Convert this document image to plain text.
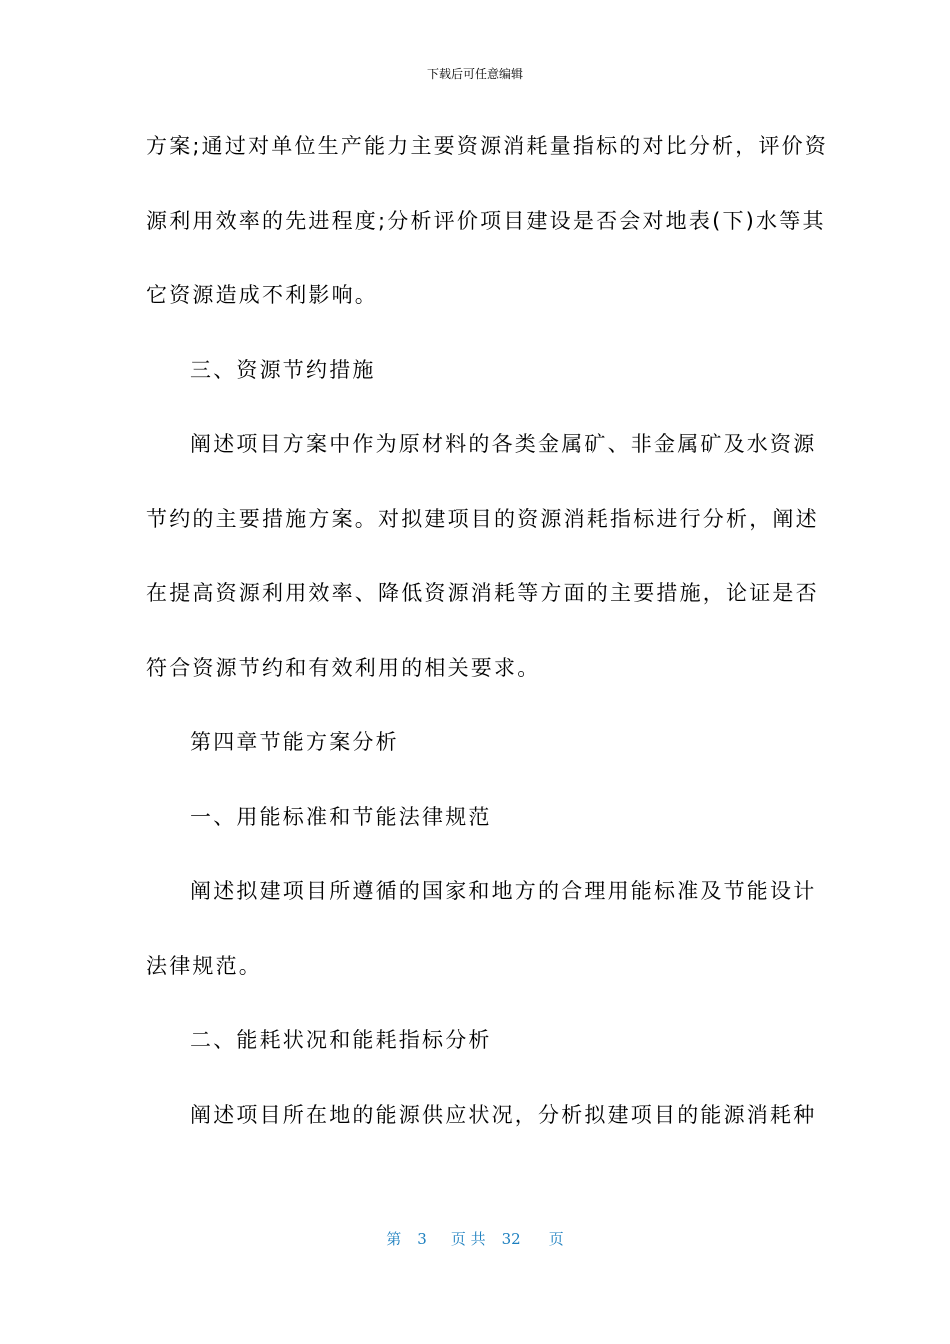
下载后可任意编辑
方案;通过对单位生产能力主要资源消耗量指标的对比分析，评价资
源利用效率的先进程度;分析评价项目建设是否会对地表(下)水等其
它资源造成不利影响。
三、资源节约措施
阐述项目方案中作为原材料的各类金属矿、非金属矿及水资源
节约的主要措施方案。对拟建项目的资源消耗指标进行分析，阐述
在提高资源利用效率、降低资源消耗等方面的主要措施，论证是否
符合资源节约和有效利用的相关要求。
第四章节能方案分析
一、用能标准和节能法律规范
阐述拟建项目所遵循的国家和地方的合理用能标准及节能设计
法律规范。
二、能耗状况和能耗指标分析
阐述项目所在地的能源供应状况，分析拟建项目的能源消耗种
第 3 页 共 32 页
